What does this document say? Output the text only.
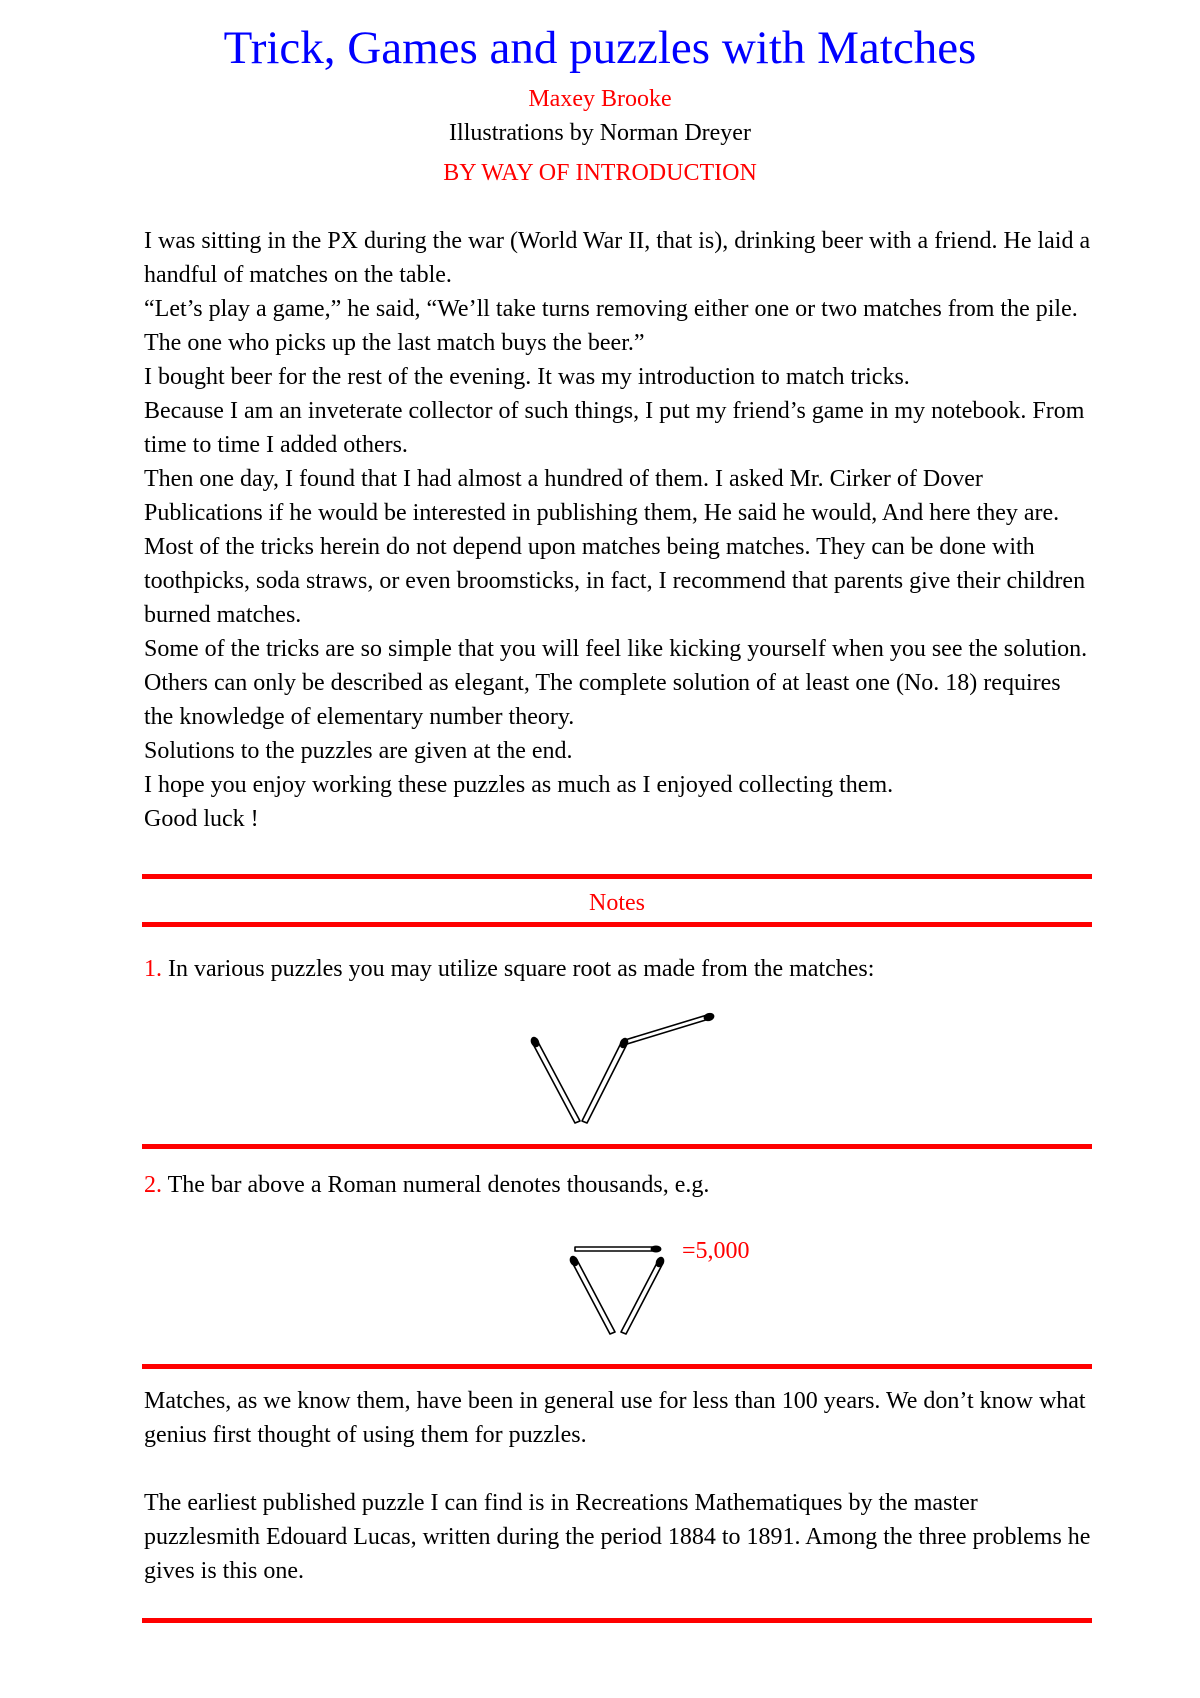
Trick, Games and puzzles with Matches
Maxey Brooke
Illustrations by Norman Dreyer
BY WAY OF INTRODUCTION

I was sitting in the PX during the war (World War II, that is), drinking beer with a friend. He laid a handful of matches on the table.

“Let’s play a game,” he said, “We’ll take turns removing either one or two matches from the pile. The one who picks up the last match buys the beer.”

I bought beer for the rest of the evening. It was my introduction to match tricks.

Because I am an inveterate collector of such things, I put my friend’s game in my notebook. From time to time I added others.

Then one day, I found that I had almost a hundred of them. I asked Mr. Cirker of Dover Publications if he would be interested in publishing them, He said he would, And here they are.

Most of the tricks herein do not depend upon matches being matches. They can be done with toothpicks, soda straws, or even broomsticks, in fact, I recommend that parents give their children burned matches.

Some of the tricks are so simple that you will feel like kicking yourself when you see the solution. Others can only be described as elegant, The complete solution of at least one (No. 18) requires the knowledge of elementary number theory.

Solutions to the puzzles are given at the end.

I hope you enjoy working these puzzles as much as I enjoyed collecting them.

Good luck !

Notes
1. In various puzzles you may utilize square root as made from the matches:
2. The bar above a Roman numeral denotes thousands, e.g.
=5,000

Matches, as we know them, have been in general use for less than 100 years. We don’t know what genius first thought of using them for puzzles.

The earliest published puzzle I can find is in Recreations Mathematiques by the master puzzlesmith Edouard Lucas, written during the period 1884 to 1891. Among the three problems he gives is this one.
